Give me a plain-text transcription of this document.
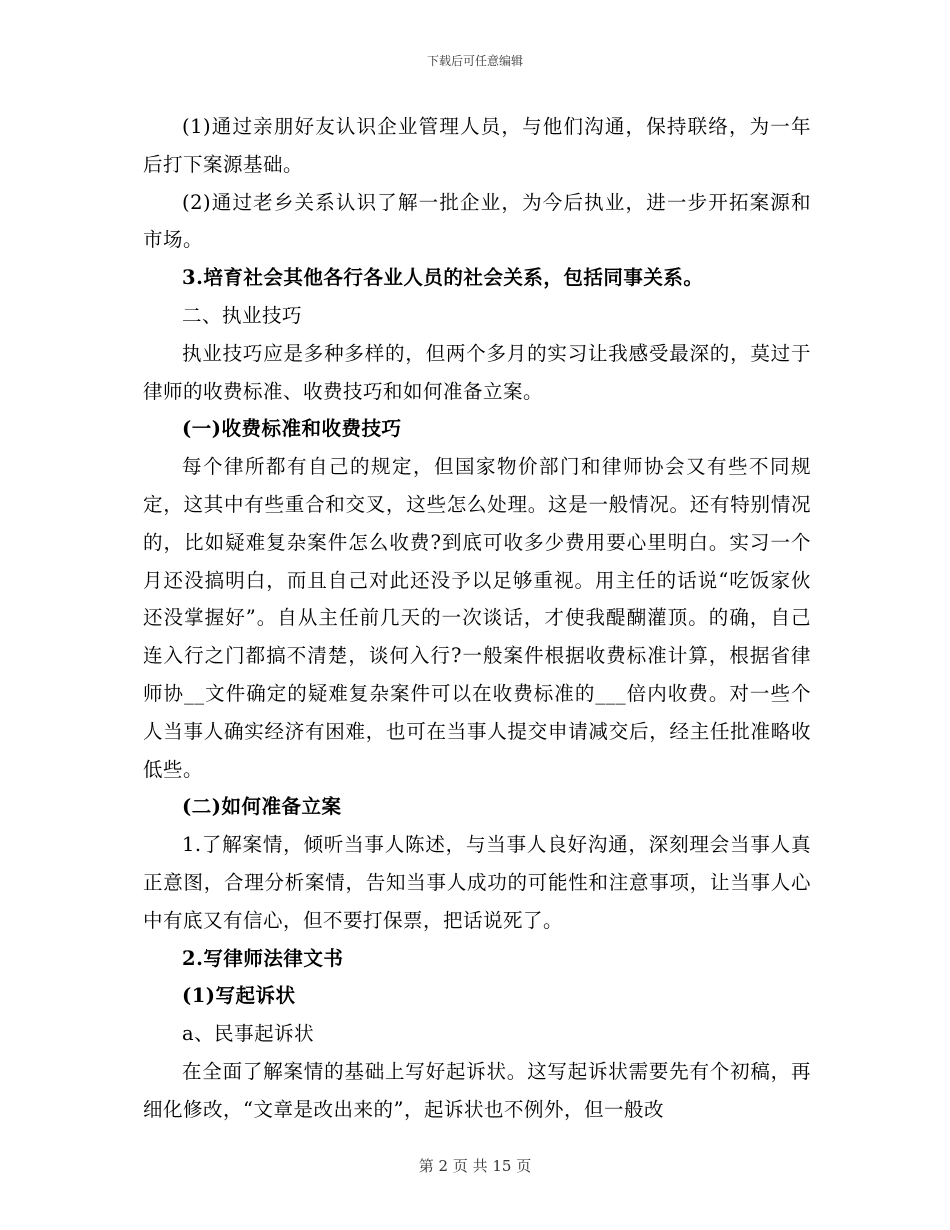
下载后可任意编辑

(1)通过亲朋好友认识企业管理人员，与他们沟通，保持联络，为一年后打下案源基础。

(2)通过老乡关系认识了解一批企业，为今后执业，进一步开拓案源和市场。

3.培育社会其他各行各业人员的社会关系，包括同事关系。

二、执业技巧

执业技巧应是多种多样的，但两个多月的实习让我感受最深的，莫过于律师的收费标准、收费技巧和如何准备立案。

(一)收费标准和收费技巧

每个律所都有自己的规定，但国家物价部门和律师协会又有些不同规定，这其中有些重合和交叉，这些怎么处理。这是一般情况。还有特别情况的，比如疑难复杂案件怎么收费?到底可收多少费用要心里明白。实习一个月还没搞明白，而且自己对此还没予以足够重视。用主任的话说“吃饭家伙还没掌握好”。自从主任前几天的一次谈话，才使我醍醐灌顶。的确，自己连入行之门都搞不清楚，谈何入行?一般案件根据收费标准计算，根据省律师协__文件确定的疑难复杂案件可以在收费标准的___倍内收费。对一些个人当事人确实经济有困难，也可在当事人提交申请减交后，经主任批准略收低些。

(二)如何准备立案

1.了解案情，倾听当事人陈述，与当事人良好沟通，深刻理会当事人真正意图，合理分析案情，告知当事人成功的可能性和注意事项，让当事人心中有底又有信心，但不要打保票，把话说死了。

2.写律师法律文书

(1)写起诉状

a、民事起诉状

在全面了解案情的基础上写好起诉状。这写起诉状需要先有个初稿，再细化修改，“文章是改出来的”，起诉状也不例外，但一般改

第 2 页 共 15 页
